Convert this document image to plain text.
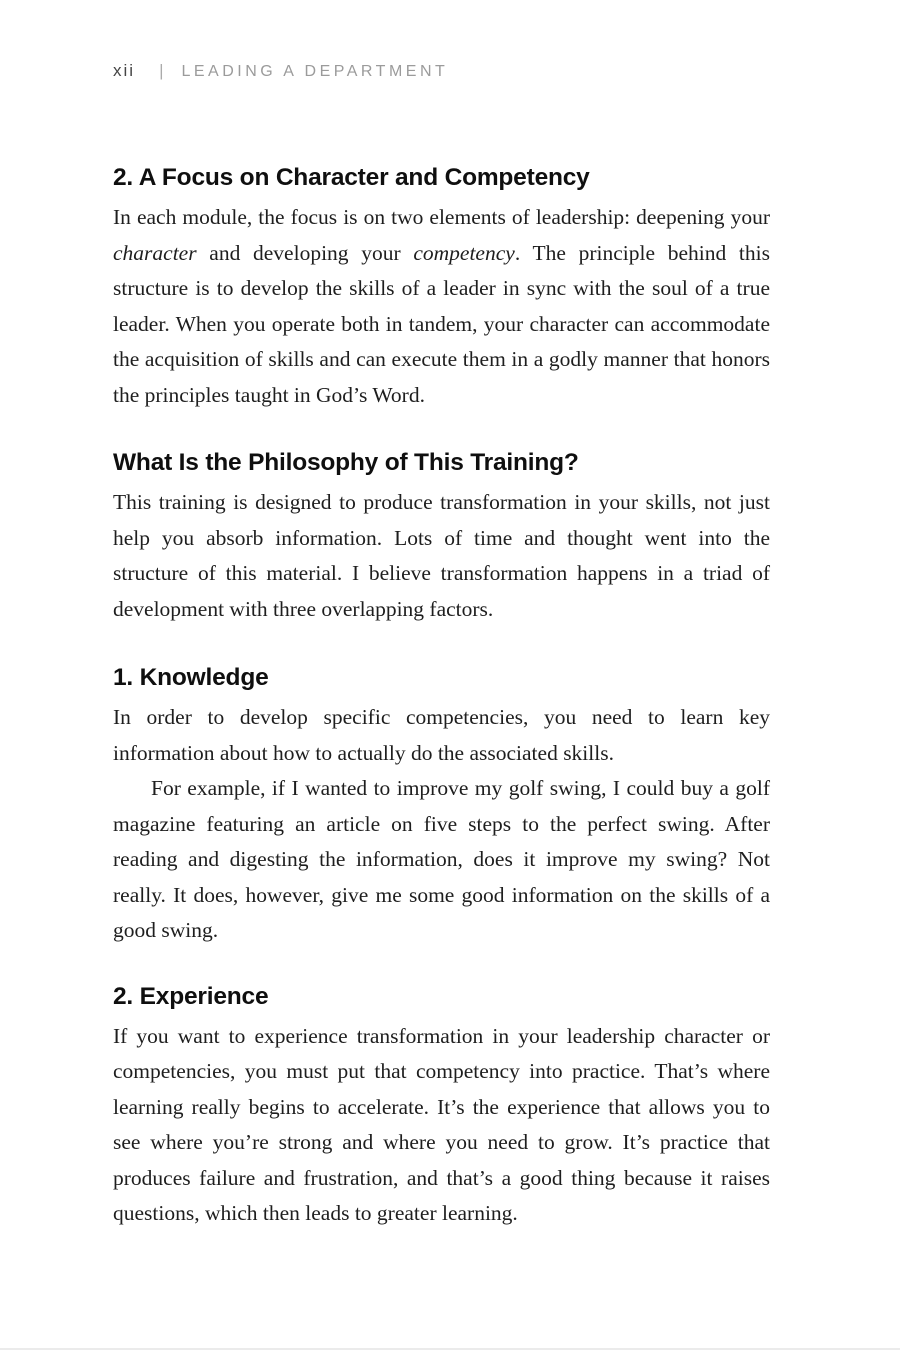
xii | LEADING A DEPARTMENT
2. A Focus on Character and Competency

In each module, the focus is on two elements of leadership: deepening your character and developing your competency. The principle behind this structure is to develop the skills of a leader in sync with the soul of a true leader. When you operate both in tandem, your character can accommodate the acquisition of skills and can execute them in a godly manner that honors the principles taught in God’s Word.

What Is the Philosophy of This Training?

This training is designed to produce transformation in your skills, not just help you absorb information. Lots of time and thought went into the structure of this material. I believe transformation happens in a triad of development with three overlapping factors.

1. Knowledge

In order to develop specific competencies, you need to learn key information about how to actually do the associated skills.

For example, if I wanted to improve my golf swing, I could buy a golf magazine featuring an article on five steps to the perfect swing. After reading and digesting the information, does it improve my swing? Not really. It does, however, give me some good information on the skills of a good swing.

2. Experience

If you want to experience transformation in your leadership character or competencies, you must put that competency into practice. That’s where learning really begins to accelerate. It’s the experience that allows you to see where you’re strong and where you need to grow. It’s practice that produces failure and frustration, and that’s a good thing because it raises questions, which then leads to greater learning.
